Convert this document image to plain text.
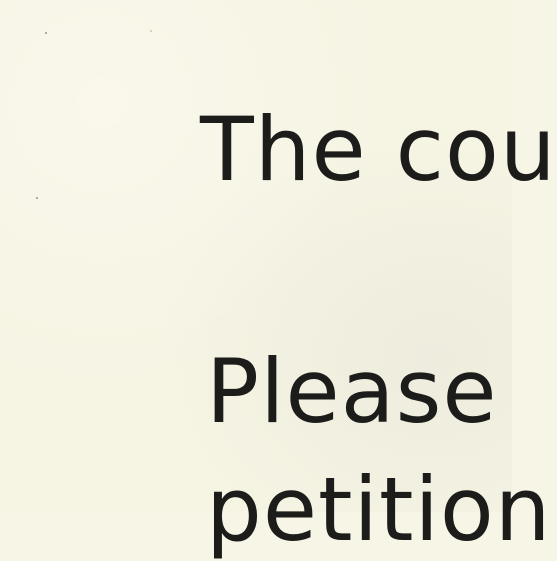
The cou
Please
petition
